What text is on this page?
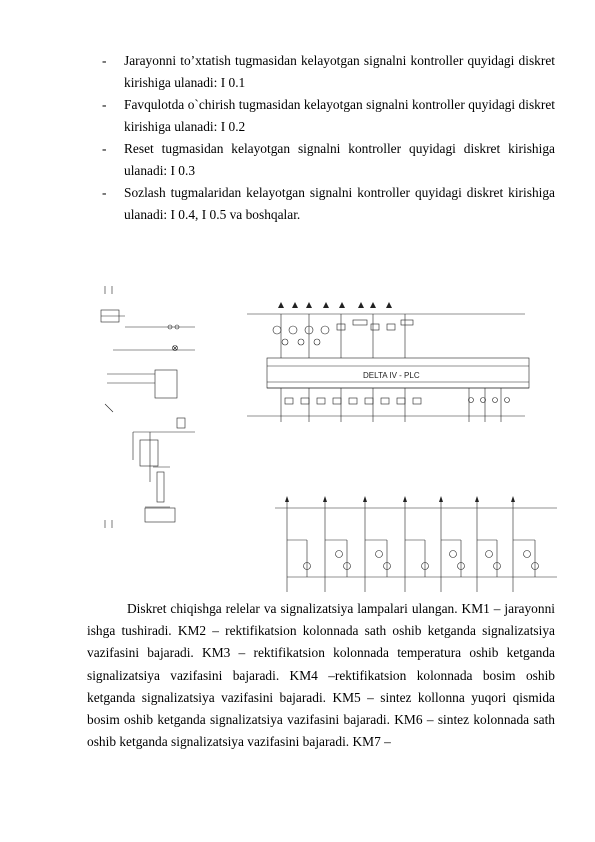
- Jarayonni to’xtatish tugmasidan kelayotgan signalni kontroller quyidagi diskret kirishiga ulanadi: I 0.1
- Favqulotda o`chirish tugmasidan kelayotgan signalni kontroller quyidagi diskret kirishiga ulanadi: I 0.2
- Reset tugmasidan kelayotgan signalni kontroller quyidagi diskret kirishiga ulanadi: I 0.3
- Sozlash tugmalaridan kelayotgan signalni kontroller quyidagi diskret kirishiga ulanadi: I 0.4, I 0.5 va boshqalar.
DELTA IV - PLC

Diskret chiqishga relelar va signalizatsiya lampalari ulangan. KM1 – jarayonni ishga tushiradi. KM2 – rektifikatsion kolonnada sath oshib ketganda signalizatsiya vazifasini bajaradi. KM3 – rektifikatsion kolonnada temperatura oshib ketganda signalizatsiya vazifasini bajaradi. KM4 –rektifikatsion kolonnada bosim oshib ketganda signalizatsiya vazifasini bajaradi. KM5 – sintez kollonna yuqori qismida bosim oshib ketganda signalizatsiya vazifasini bajaradi. KM6 – sintez kolonnada sath oshib ketganda signalizatsiya vazifasini bajaradi. KM7 –
